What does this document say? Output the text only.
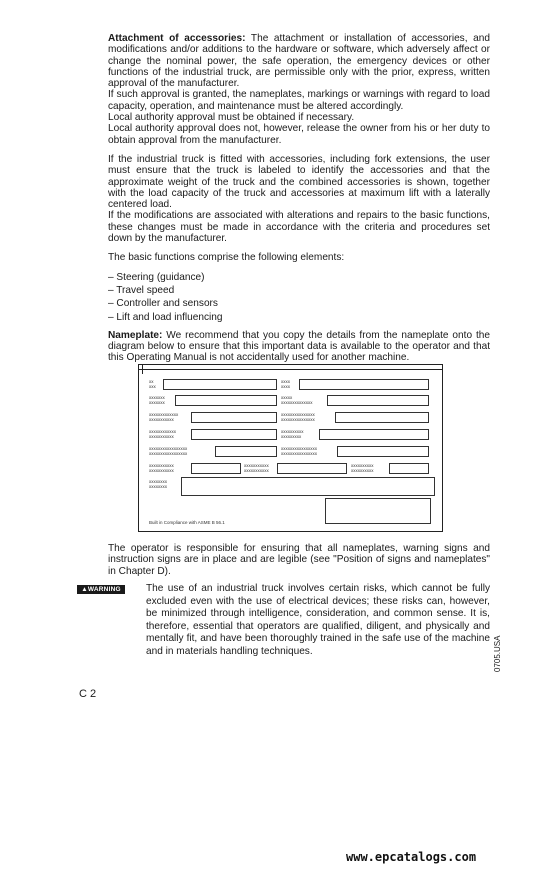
Attachment of accessories: The attachment or installation of accessories, and modifications and/or additions to the hardware or software, which adversely affect or change the nominal power, the safe operation, the emergency devices or other functions of the industrial truck, are permissible only with the prior, express, written approval of the manufacturer.

If such approval is granted, the nameplates, markings or warnings with regard to load capacity, operation, and maintenance must be altered accordingly.

Local authority approval must be obtained if necessary.

Local authority approval does not, however, release the owner from his or her duty to obtain approval from the manufacturer.

If the industrial truck is fitted with accessories, including fork extensions, the user must ensure that the truck is labeled to identify the accessories and that the approximate weight of the truck and the combined accessories is shown, together with the load capacity of the truck and accessories at maximum lift with a laterally centered load.

If the modifications are associated with alterations and repairs to the basic functions, these changes must be made in accordance with the criteria and procedures set down by the manufacturer.

The basic functions comprise the following elements:

– Steering (guidance)
– Travel speed
– Controller and sensors
– Lift and load influencing

Nameplate: We recommend that you copy the details from the nameplate onto the diagram below to ensure that this important data is available to the operator and that this Operating Manual is not accidentally used for another machine.

xx
xxx
xxxx
xxxx
xxxxxxx
xxxxxxx
xxxxx
xxxxxxxxxxxxxx
xxxxxxxxxxxxx
xxxxxxxxxxx
xxxxxxxxxxxxxxx
xxxxxxxxxxxxxxx
xxxxxxxxxxxx
xxxxxxxxxxx
xxxxxxxxxx
xxxxxxxxx
xxxxxxxxxxxxxxxxx
xxxxxxxxxxxxxxxxx
xxxxxxxxxxxxxxxx
xxxxxxxxxxxxxxxx
xxxxxxxxxxx
xxxxxxxxxxx
xxxxxxxxxxx
xxxxxxxxxxx
xxxxxxxxxx
xxxxxxxxxx
xxxxxxxx
xxxxxxxx
Built in Compliance with ASME B 56.1

The operator is responsible for ensuring that all nameplates, warning signs and instruction signs are in place and are legible (see "Position of signs and nameplates" in Chapter D).

▲WARNING	The use of an industrial truck involves certain risks, which cannot be fully excluded even with the use of electrical devices; these risks can, however, be minimized through intelligence, consideration, and common sense. It is, therefore, essential that operators are qualified, diligent, and physically and mentally fit, and have been thoroughly trained in the safe use of the machine and in materials handling techniques.
C 2
0705.USA
www.epcatalogs.com
